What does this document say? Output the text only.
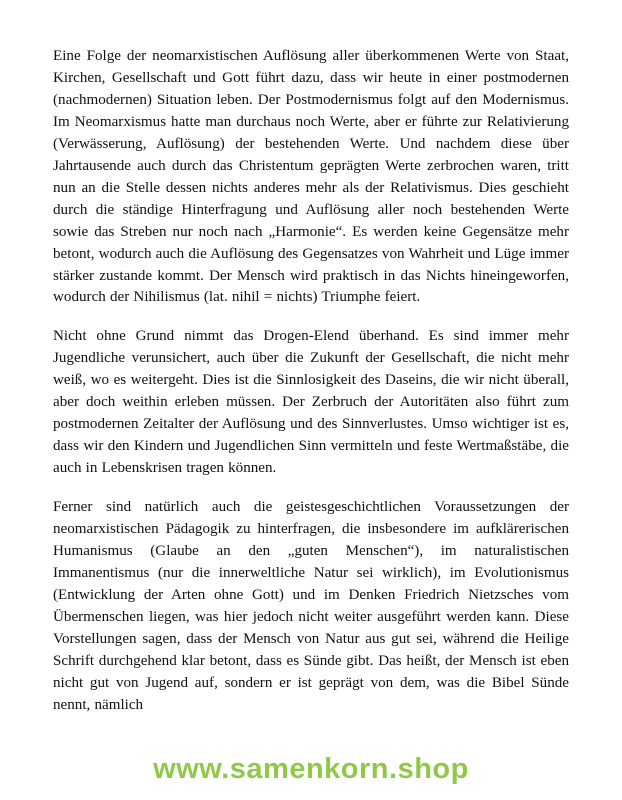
Eine Folge der neomarxistischen Auflösung aller überkommenen Werte von Staat, Kirchen, Gesellschaft und Gott führt dazu, dass wir heute in einer postmodernen (nachmodernen) Situation leben. Der Postmodernismus folgt auf den Modernismus. Im Neomarxismus hatte man durchaus noch Werte, aber er führte zur Relativierung (Verwässerung, Auflösung) der bestehenden Werte. Und nachdem diese über Jahrtausende auch durch das Christentum geprägten Werte zerbrochen waren, tritt nun an die Stelle dessen nichts anderes mehr als der Relativismus. Dies geschieht durch die ständige Hinterfragung und Auflösung aller noch bestehenden Werte sowie das Streben nur noch nach „Harmonie“. Es werden keine Gegensätze mehr betont, wodurch auch die Auflösung des Gegensatzes von Wahrheit und Lüge immer stärker zustande kommt. Der Mensch wird praktisch in das Nichts hineingeworfen, wodurch der Nihilismus (lat. nihil = nichts) Triumphe feiert.

Nicht ohne Grund nimmt das Drogen-Elend überhand. Es sind immer mehr Jugendliche verunsichert, auch über die Zukunft der Gesellschaft, die nicht mehr weiß, wo es weitergeht. Dies ist die Sinnlosigkeit des Daseins, die wir nicht überall, aber doch weithin erleben müssen. Der Zerbruch der Autoritäten also führt zum postmodernen Zeitalter der Auflösung und des Sinnverlustes. Umso wichtiger ist es, dass wir den Kindern und Jugendlichen Sinn vermitteln und feste Wertmaßstäbe, die auch in Lebenskrisen tragen können.

Ferner sind natürlich auch die geistesgeschichtlichen Voraussetzungen der neomarxistischen Pädagogik zu hinterfragen, die insbesondere im aufklärerischen Humanismus (Glaube an den „guten Menschen“), im naturalistischen Immanentismus (nur die innerweltliche Natur sei wirklich), im Evolutionismus (Entwicklung der Arten ohne Gott) und im Denken Friedrich Nietzsches vom Übermenschen liegen, was hier jedoch nicht weiter ausgeführt werden kann. Diese Vorstellungen sagen, dass der Mensch von Natur aus gut sei, während die Heilige Schrift durchgehend klar betont, dass es Sünde gibt. Das heißt, der Mensch ist eben nicht gut von Jugend auf, sondern er ist geprägt von dem, was die Bibel Sünde nennt, nämlich

www.samenkorn.shop
